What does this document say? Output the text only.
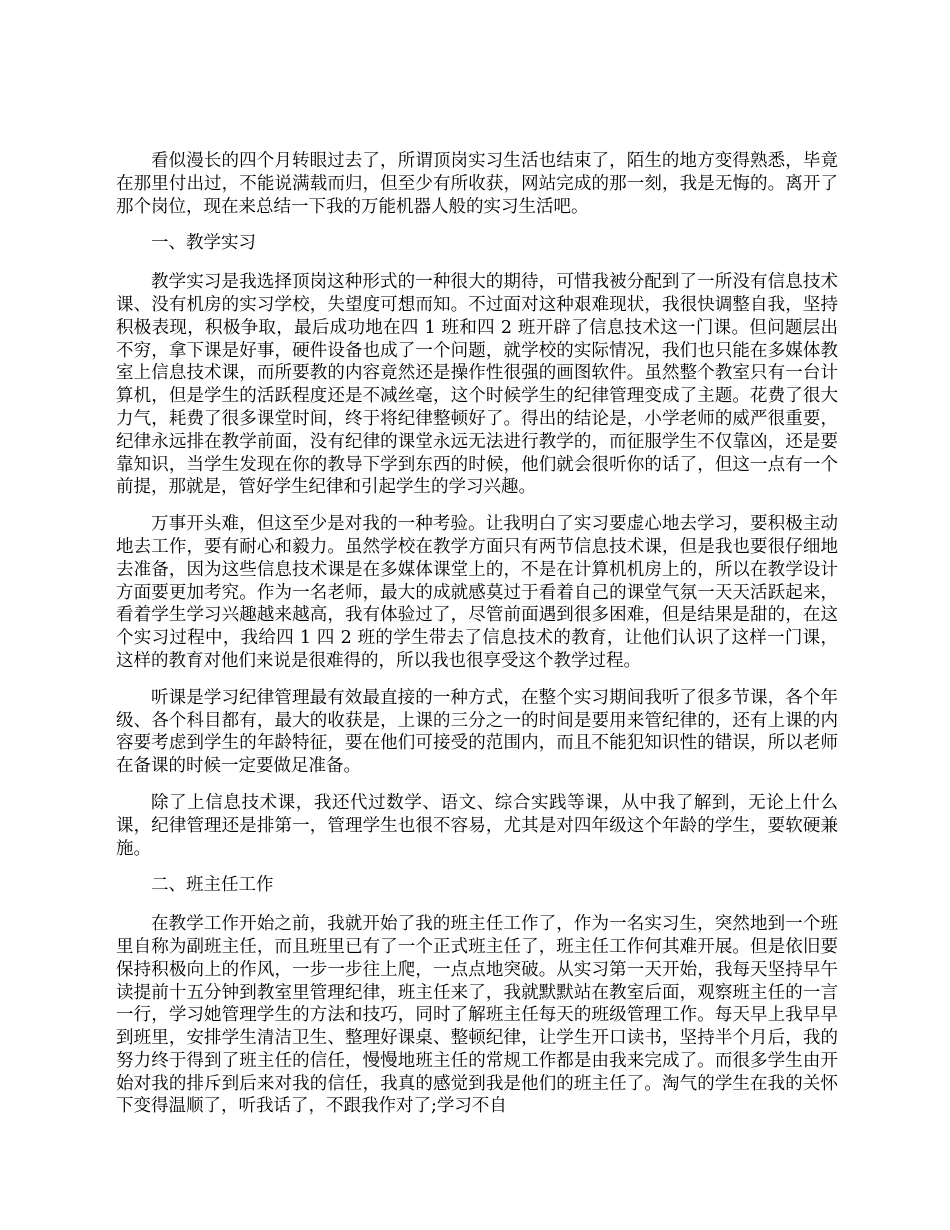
看似漫长的四个月转眼过去了，所谓顶岗实习生活也结束了，陌生的地方变得熟悉，毕竟在那里付出过，不能说满载而归，但至少有所收获，网站完成的那一刻，我是无悔的。离开了那个岗位，现在来总结一下我的万能机器人般的实习生活吧。

一、教学实习

教学实习是我选择顶岗这种形式的一种很大的期待，可惜我被分配到了一所没有信息技术课、没有机房的实习学校，失望度可想而知。不过面对这种艰难现状，我很快调整自我，坚持积极表现，积极争取，最后成功地在四 1 班和四 2 班开辟了信息技术这一门课。但问题层出不穷，拿下课是好事，硬件设备也成了一个问题，就学校的实际情况，我们也只能在多媒体教室上信息技术课，而所要教的内容竟然还是操作性很强的画图软件。虽然整个教室只有一台计算机，但是学生的活跃程度还是不减丝毫，这个时候学生的纪律管理变成了主题。花费了很大力气，耗费了很多课堂时间，终于将纪律整顿好了。得出的结论是，小学老师的威严很重要，纪律永远排在教学前面，没有纪律的课堂永远无法进行教学的，而征服学生不仅靠凶，还是要靠知识，当学生发现在你的教导下学到东西的时候，他们就会很听你的话了，但这一点有一个前提，那就是，管好学生纪律和引起学生的学习兴趣。

万事开头难，但这至少是对我的一种考验。让我明白了实习要虚心地去学习，要积极主动地去工作，要有耐心和毅力。虽然学校在教学方面只有两节信息技术课，但是我也要很仔细地去准备，因为这些信息技术课是在多媒体课堂上的，不是在计算机机房上的，所以在教学设计方面要更加考究。作为一名老师，最大的成就感莫过于看着自己的课堂气氛一天天活跃起来，看着学生学习兴趣越来越高，我有体验过了，尽管前面遇到很多困难，但是结果是甜的，在这个实习过程中，我给四 1 四 2 班的学生带去了信息技术的教育，让他们认识了这样一门课，这样的教育对他们来说是很难得的，所以我也很享受这个教学过程。

听课是学习纪律管理最有效最直接的一种方式，在整个实习期间我听了很多节课，各个年级、各个科目都有，最大的收获是，上课的三分之一的时间是要用来管纪律的，还有上课的内容要考虑到学生的年龄特征，要在他们可接受的范围内，而且不能犯知识性的错误，所以老师在备课的时候一定要做足准备。

除了上信息技术课，我还代过数学、语文、综合实践等课，从中我了解到，无论上什么课，纪律管理还是排第一，管理学生也很不容易，尤其是对四年级这个年龄的学生，要软硬兼施。

二、班主任工作

在教学工作开始之前，我就开始了我的班主任工作了，作为一名实习生，突然地到一个班里自称为副班主任，而且班里已有了一个正式班主任了，班主任工作何其难开展。但是依旧要保持积极向上的作风，一步一步往上爬，一点点地突破。从实习第一天开始，我每天坚持早午读提前十五分钟到教室里管理纪律，班主任来了，我就默默站在教室后面，观察班主任的一言一行，学习她管理学生的方法和技巧，同时了解班主任每天的班级管理工作。每天早上我早早到班里，安排学生清洁卫生、整理好课桌、整顿纪律，让学生开口读书，坚持半个月后，我的努力终于得到了班主任的信任，慢慢地班主任的常规工作都是由我来完成了。而很多学生由开始对我的排斥到后来对我的信任，我真的感觉到我是他们的班主任了。淘气的学生在我的关怀下变得温顺了，听我话了，不跟我作对了;学习不自
